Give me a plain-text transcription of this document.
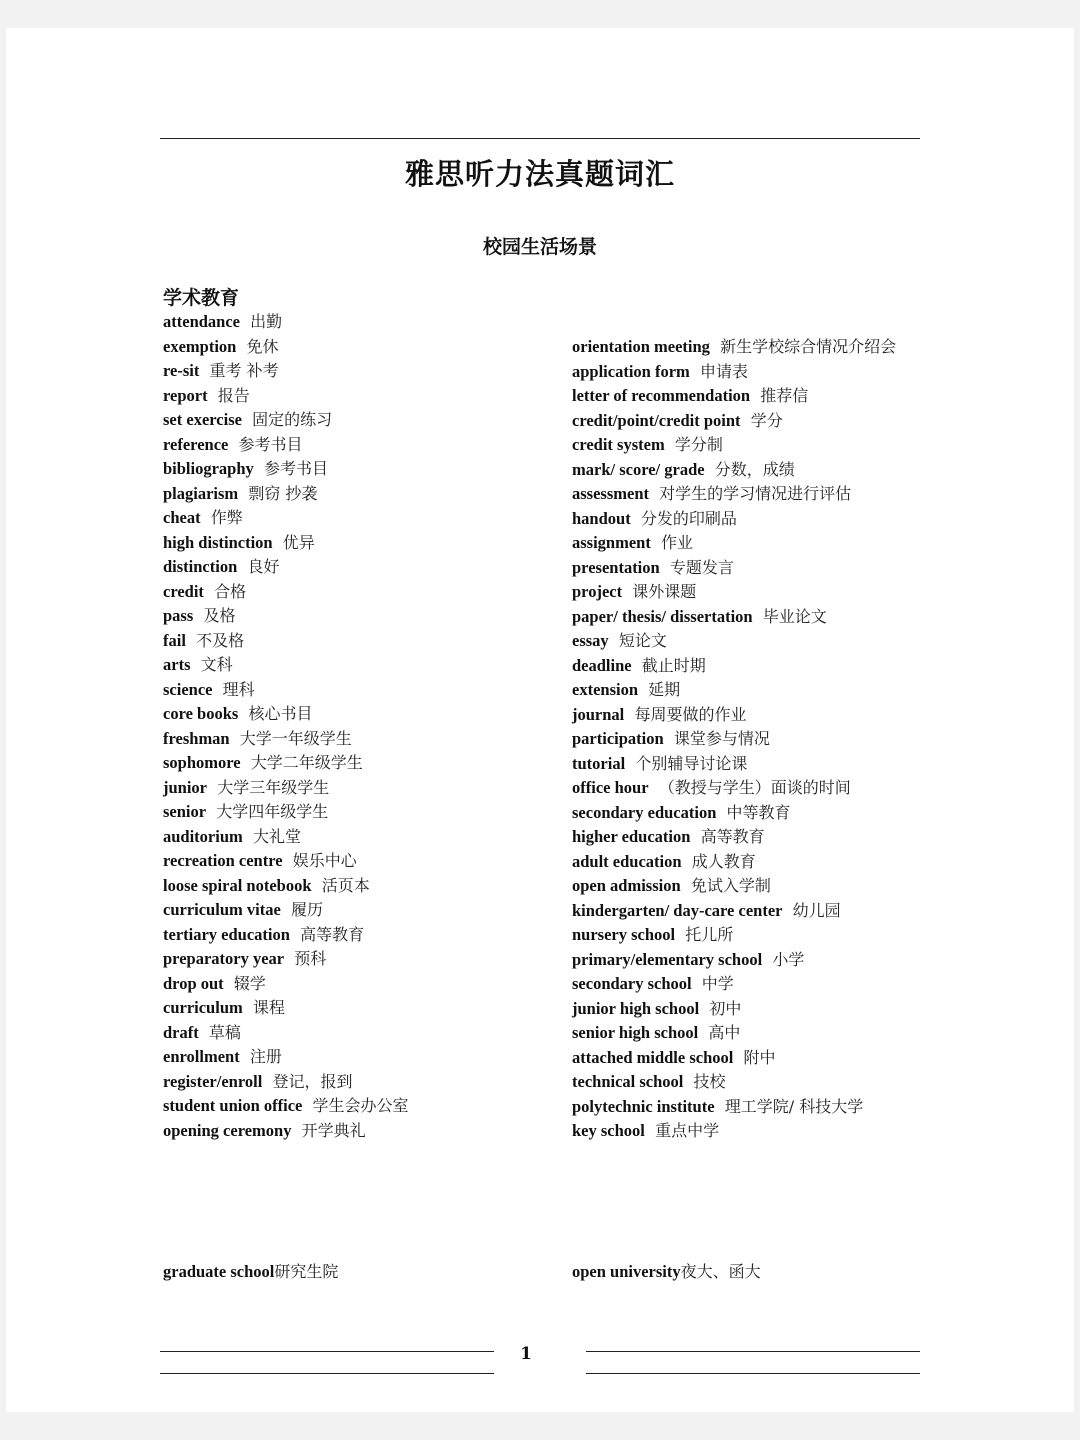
雅思听力法真题词汇
校园生活场景
学术教育
attendance 出勤
exemption 免休
re-sit 重考 补考
report 报告
set exercise 固定的练习
reference 参考书目
bibliography 参考书目
plagiarism 剽窃 抄袭
cheat 作弊
high distinction 优异
distinction 良好
credit 合格
pass 及格
fail 不及格
arts 文科
science 理科
core books 核心书目
freshman 大学一年级学生
sophomore 大学二年级学生
junior 大学三年级学生
senior 大学四年级学生
auditorium 大礼堂
recreation centre 娱乐中心
loose spiral notebook 活页本
curriculum vitae 履历
tertiary education 高等教育
preparatory year 预科
drop out 辍学
curriculum 课程
draft 草稿
enrollment 注册
register/enroll 登记，报到
student union office 学生会办公室
opening ceremony 开学典礼
orientation meeting 新生学校综合情况介绍会
application form 申请表
letter of recommendation 推荐信
credit/point/credit point 学分
credit system 学分制
mark/ score/ grade 分数，成绩
assessment 对学生的学习情况进行评估
handout 分发的印刷品
assignment 作业
presentation 专题发言
project 课外课题
paper/ thesis/ dissertation 毕业论文
essay 短论文
deadline 截止时期
extension 延期
journal 每周要做的作业
participation 课堂参与情况
tutorial 个别辅导讨论课
office hour （教授与学生）面谈的时间
secondary education 中等教育
higher education 高等教育
adult education 成人教育
open admission 免试入学制
kindergarten/ day-care center 幼儿园
nursery school 托儿所
primary/elementary school 小学
secondary school 中学
junior high school 初中
senior high school 高中
attached middle school 附中
technical school 技校
polytechnic institute 理工学院/ 科技大学
key school 重点中学
graduate school研究生院	open university夜大、函大
1
